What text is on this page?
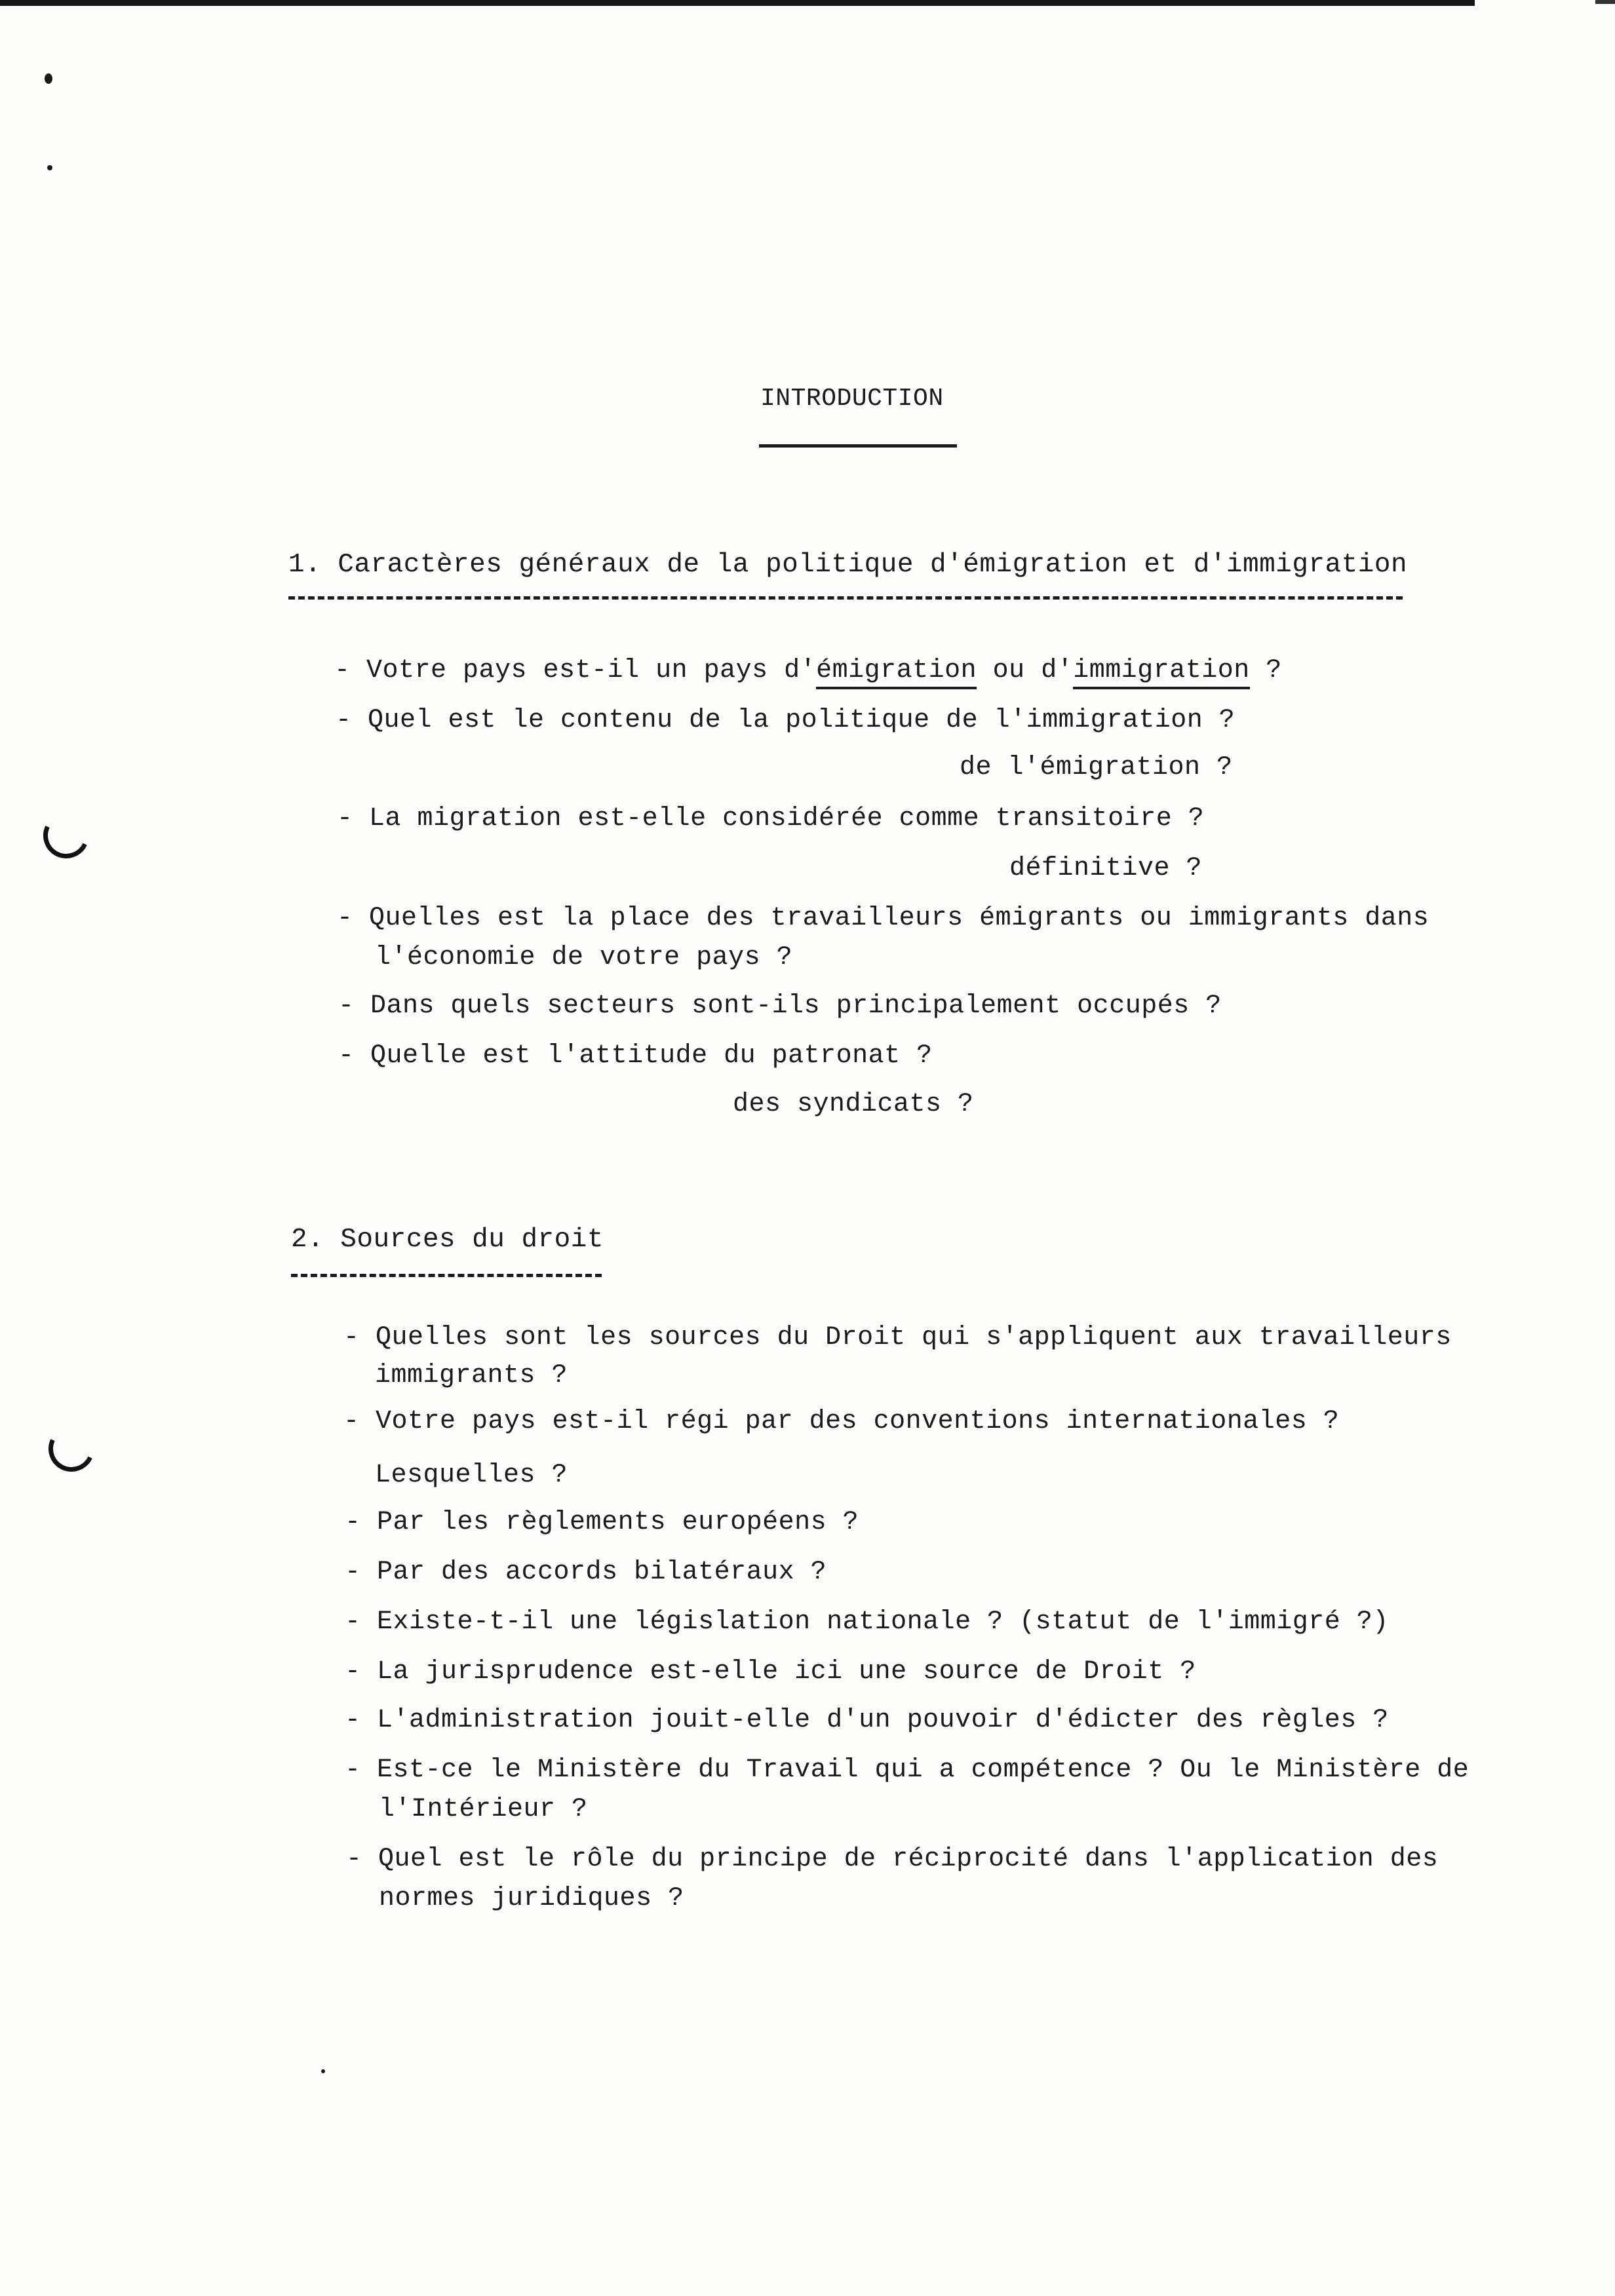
INTRODUCTION
1. Caractères généraux de la politique d'émigration et d'immigration
- Votre pays est-il un pays d'émigration ou d'immigration ?
- Quel est le contenu de la politique de l'immigration ?
de l'émigration ?
- La migration est-elle considérée comme transitoire ?
définitive ?
- Quelles est la place des travailleurs émigrants ou immigrants dans
l'économie de votre pays ?
- Dans quels secteurs sont-ils principalement occupés ?
- Quelle est l'attitude du patronat ?
des syndicats ?
2. Sources du droit
- Quelles sont les sources du Droit qui s'appliquent aux travailleurs
immigrants ?
- Votre pays est-il régi par des conventions internationales ?
Lesquelles ?
- Par les règlements européens ?
- Par des accords bilatéraux ?
- Existe-t-il une législation nationale ? (statut de l'immigré ?)
- La jurisprudence est-elle ici une source de Droit ?
- L'administration jouit-elle d'un pouvoir d'édicter des règles ?
- Est-ce le Ministère du Travail qui a compétence ? Ou le Ministère de
l'Intérieur ?
- Quel est le rôle du principe de réciprocité dans l'application des
normes juridiques ?
